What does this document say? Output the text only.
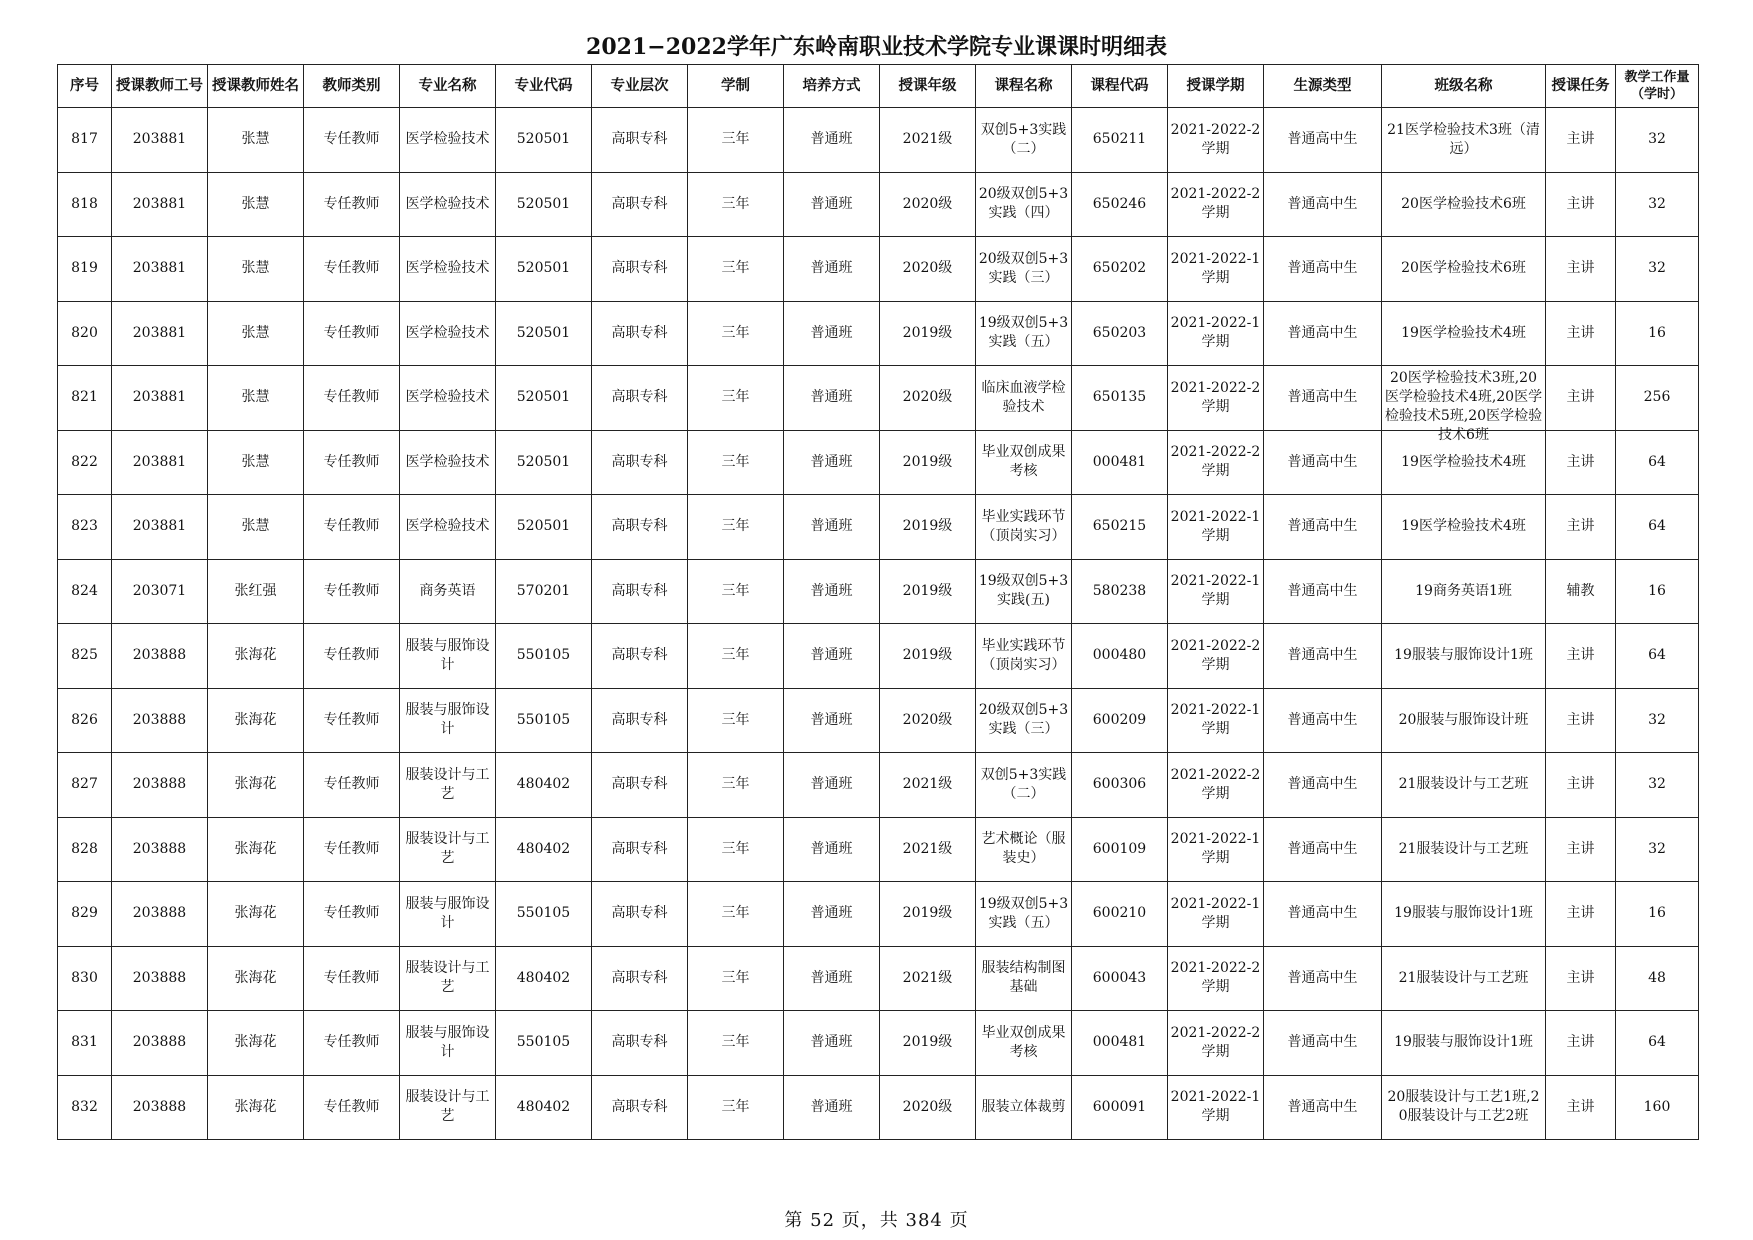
2021−2022学年广东岭南职业技术学院专业课课时明细表
序号	授课教师工号	授课教师姓名	教师类别	专业名称	专业代码	专业层次	学制	培养方式	授课年级	课程名称	课程代码	授课学期	生源类型	班级名称	授课任务	教学工作量（学时）

817	203881	张慧	专任教师	医学检验技术	520501	高职专科	三年	普通班	2021级	双创5+3实践（二）	650211	2021-2022-2学期	普通高中生	21医学检验技术3班（清远）	主讲	32

818	203881	张慧	专任教师	医学检验技术	520501	高职专科	三年	普通班	2020级	20级双创5+3实践（四）	650246	2021-2022-2学期	普通高中生	20医学检验技术6班	主讲	32

819	203881	张慧	专任教师	医学检验技术	520501	高职专科	三年	普通班	2020级	20级双创5+3实践（三）	650202	2021-2022-1学期	普通高中生	20医学检验技术6班	主讲	32

820	203881	张慧	专任教师	医学检验技术	520501	高职专科	三年	普通班	2019级	19级双创5+3实践（五）	650203	2021-2022-1学期	普通高中生	19医学检验技术4班	主讲	16

821	203881	张慧	专任教师	医学检验技术	520501	高职专科	三年	普通班	2020级	临床血液学检验技术	650135	2021-2022-2学期	普通高中生	20医学检验技术3班,20医学检验技术4班,20医学检验技术5班,20医学检验技术6班	主讲	256

822	203881	张慧	专任教师	医学检验技术	520501	高职专科	三年	普通班	2019级	毕业双创成果考核	000481	2021-2022-2学期	普通高中生	19医学检验技术4班	主讲	64

823	203881	张慧	专任教师	医学检验技术	520501	高职专科	三年	普通班	2019级	毕业实践环节（顶岗实习）	650215	2021-2022-1学期	普通高中生	19医学检验技术4班	主讲	64

824	203071	张红强	专任教师	商务英语	570201	高职专科	三年	普通班	2019级	19级双创5+3实践(五)	580238	2021-2022-1学期	普通高中生	19商务英语1班	辅教	16

825	203888	张海花	专任教师	服装与服饰设计	550105	高职专科	三年	普通班	2019级	毕业实践环节（顶岗实习）	000480	2021-2022-2学期	普通高中生	19服装与服饰设计1班	主讲	64

826	203888	张海花	专任教师	服装与服饰设计	550105	高职专科	三年	普通班	2020级	20级双创5+3实践（三）	600209	2021-2022-1学期	普通高中生	20服装与服饰设计班	主讲	32

827	203888	张海花	专任教师	服装设计与工艺	480402	高职专科	三年	普通班	2021级	双创5+3实践（二）	600306	2021-2022-2学期	普通高中生	21服装设计与工艺班	主讲	32

828	203888	张海花	专任教师	服装设计与工艺	480402	高职专科	三年	普通班	2021级	艺术概论（服装史）	600109	2021-2022-1学期	普通高中生	21服装设计与工艺班	主讲	32

829	203888	张海花	专任教师	服装与服饰设计	550105	高职专科	三年	普通班	2019级	19级双创5+3实践（五）	600210	2021-2022-1学期	普通高中生	19服装与服饰设计1班	主讲	16

830	203888	张海花	专任教师	服装设计与工艺	480402	高职专科	三年	普通班	2021级	服装结构制图基础	600043	2021-2022-2学期	普通高中生	21服装设计与工艺班	主讲	48

831	203888	张海花	专任教师	服装与服饰设计	550105	高职专科	三年	普通班	2019级	毕业双创成果考核	000481	2021-2022-2学期	普通高中生	19服装与服饰设计1班	主讲	64

832	203888	张海花	专任教师	服装设计与工艺	480402	高职专科	三年	普通班	2020级	服装立体裁剪	600091	2021-2022-1学期	普通高中生	20服装设计与工艺1班,20服装设计与工艺2班	主讲	160
第 52 页，共 384 页
